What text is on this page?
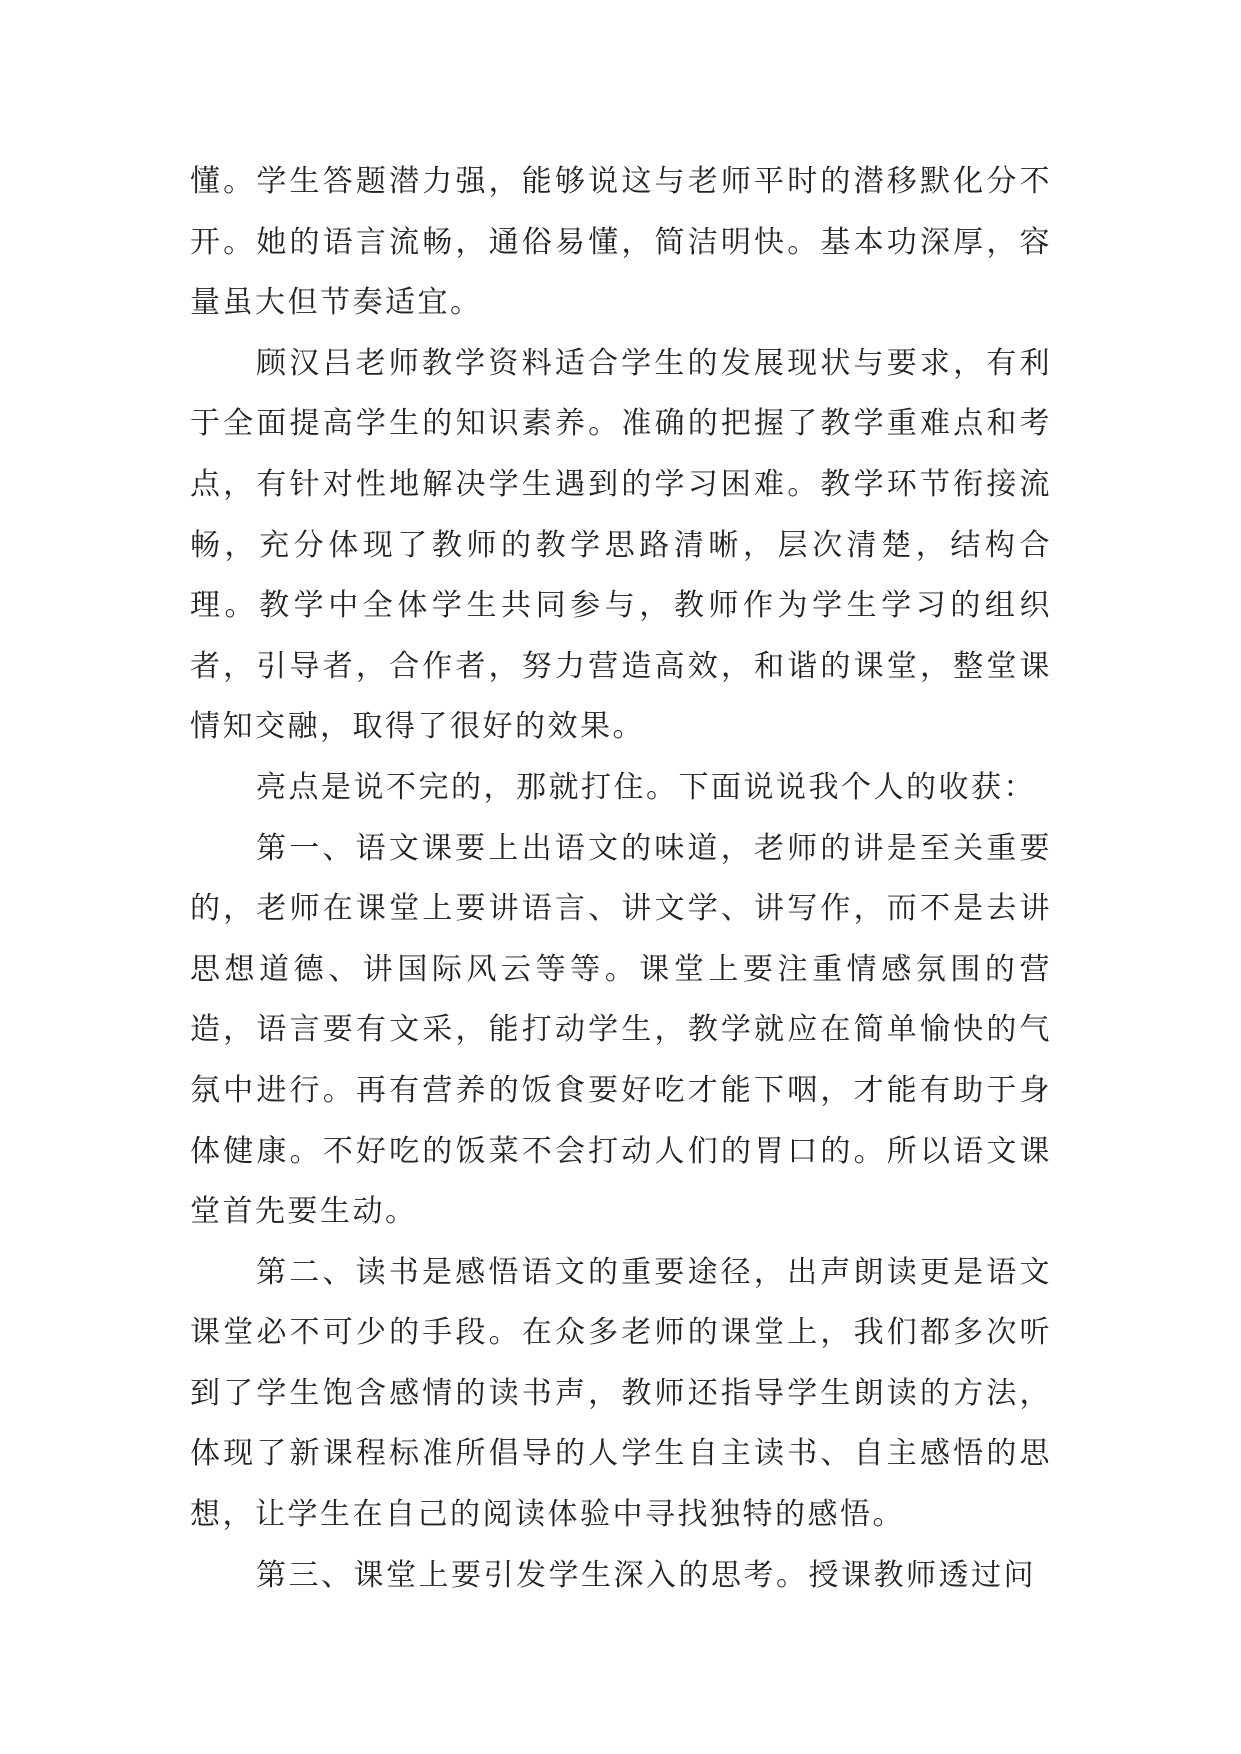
懂。学生答题潜力强，能够说这与老师平时的潜移默化分不开。她的语言流畅，通俗易懂，简洁明快。基本功深厚，容量虽大但节奏适宜。

顾汉吕老师教学资料适合学生的发展现状与要求，有利于全面提高学生的知识素养。准确的把握了教学重难点和考点，有针对性地解决学生遇到的学习困难。教学环节衔接流畅，充分体现了教师的教学思路清晰，层次清楚，结构合理。教学中全体学生共同参与，教师作为学生学习的组织者，引导者，合作者，努力营造高效，和谐的课堂，整堂课情知交融，取得了很好的效果。

亮点是说不完的，那就打住。下面说说我个人的收获：

第一、语文课要上出语文的味道，老师的讲是至关重要的，老师在课堂上要讲语言、讲文学、讲写作，而不是去讲思想道德、讲国际风云等等。课堂上要注重情感氛围的营造，语言要有文采，能打动学生，教学就应在简单愉快的气氛中进行。再有营养的饭食要好吃才能下咽，才能有助于身体健康。不好吃的饭菜不会打动人们的胃口的。所以语文课堂首先要生动。

第二、读书是感悟语文的重要途径，出声朗读更是语文课堂必不可少的手段。在众多老师的课堂上，我们都多次听到了学生饱含感情的读书声，教师还指导学生朗读的方法，体现了新课程标准所倡导的人学生自主读书、自主感悟的思想，让学生在自己的阅读体验中寻找独特的感悟。

第三、课堂上要引发学生深入的思考。授课教师透过问
